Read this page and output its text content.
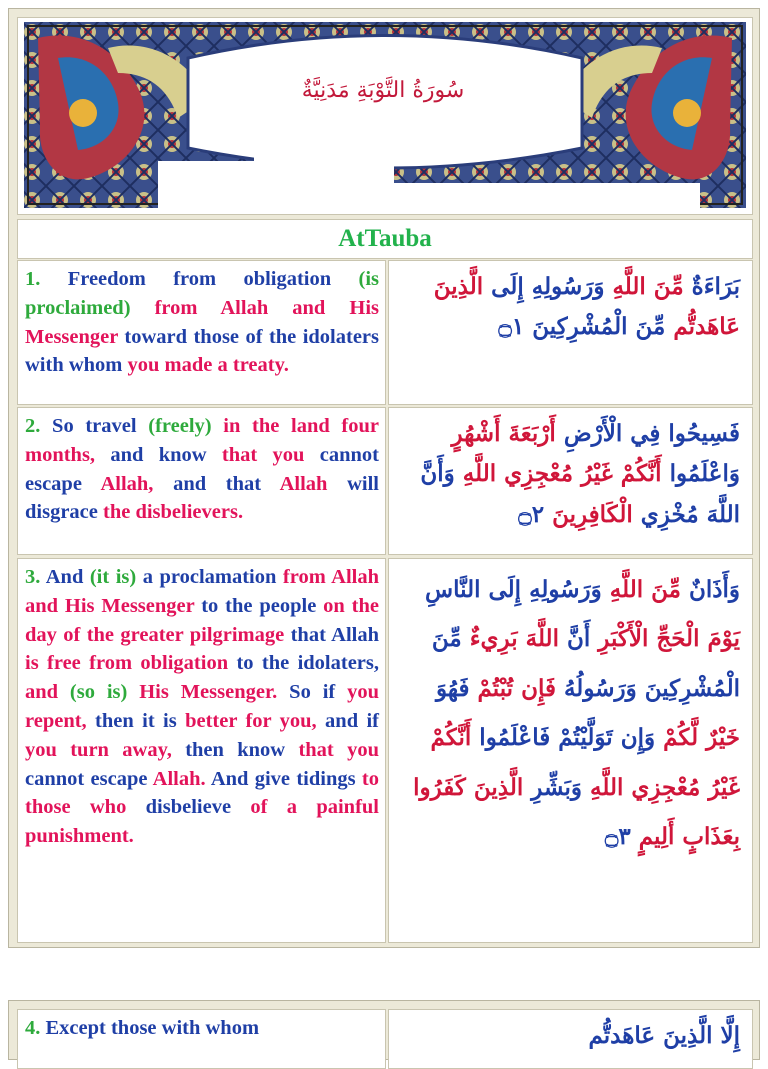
سُورَةُ التَّوْبَةِ مَدَنِيَّةٌ
AtTauba
1. Freedom from obligation (is proclaimed) from Allah and His Messenger toward those of the idolaters with whom you made a treaty.
بَرَاءَةٌ مِّنَ اللَّهِ وَرَسُولِهِ إِلَى الَّذِينَ عَاهَدتُّم مِّنَ الْمُشْرِكِينَ ۝١
2. So travel (freely) in the land four months, and know that you cannot escape Allah, and that Allah will disgrace the disbelievers.
فَسِيحُوا فِي الْأَرْضِ أَرْبَعَةَ أَشْهُرٍ وَاعْلَمُوا أَنَّكُمْ غَيْرُ مُعْجِزِي اللَّهِ وَأَنَّ اللَّهَ مُخْزِي الْكَافِرِينَ ۝٢
3. And (it is) a proclamation from Allah and His Messenger to the people on the day of the greater pilgrimage that Allah is free from obligation to the idolaters, and (so is) His Messenger. So if you repent, then it is better for you, and if you turn away, then know that you cannot escape Allah. And give tidings to those who disbelieve of a painful punishment.
وَأَذَانٌ مِّنَ اللَّهِ وَرَسُولِهِ إِلَى النَّاسِ يَوْمَ الْحَجِّ الْأَكْبَرِ أَنَّ اللَّهَ بَرِيءٌ مِّنَ الْمُشْرِكِينَ وَرَسُولُهُ فَإِن تُبْتُمْ فَهُوَ خَيْرٌ لَّكُمْ وَإِن تَوَلَّيْتُمْ فَاعْلَمُوا أَنَّكُمْ غَيْرُ مُعْجِزِي اللَّهِ وَبَشِّرِ الَّذِينَ كَفَرُوا بِعَذَابٍ أَلِيمٍ ۝٣
4. Except those with whom	إِلَّا الَّذِينَ عَاهَدتُّم
